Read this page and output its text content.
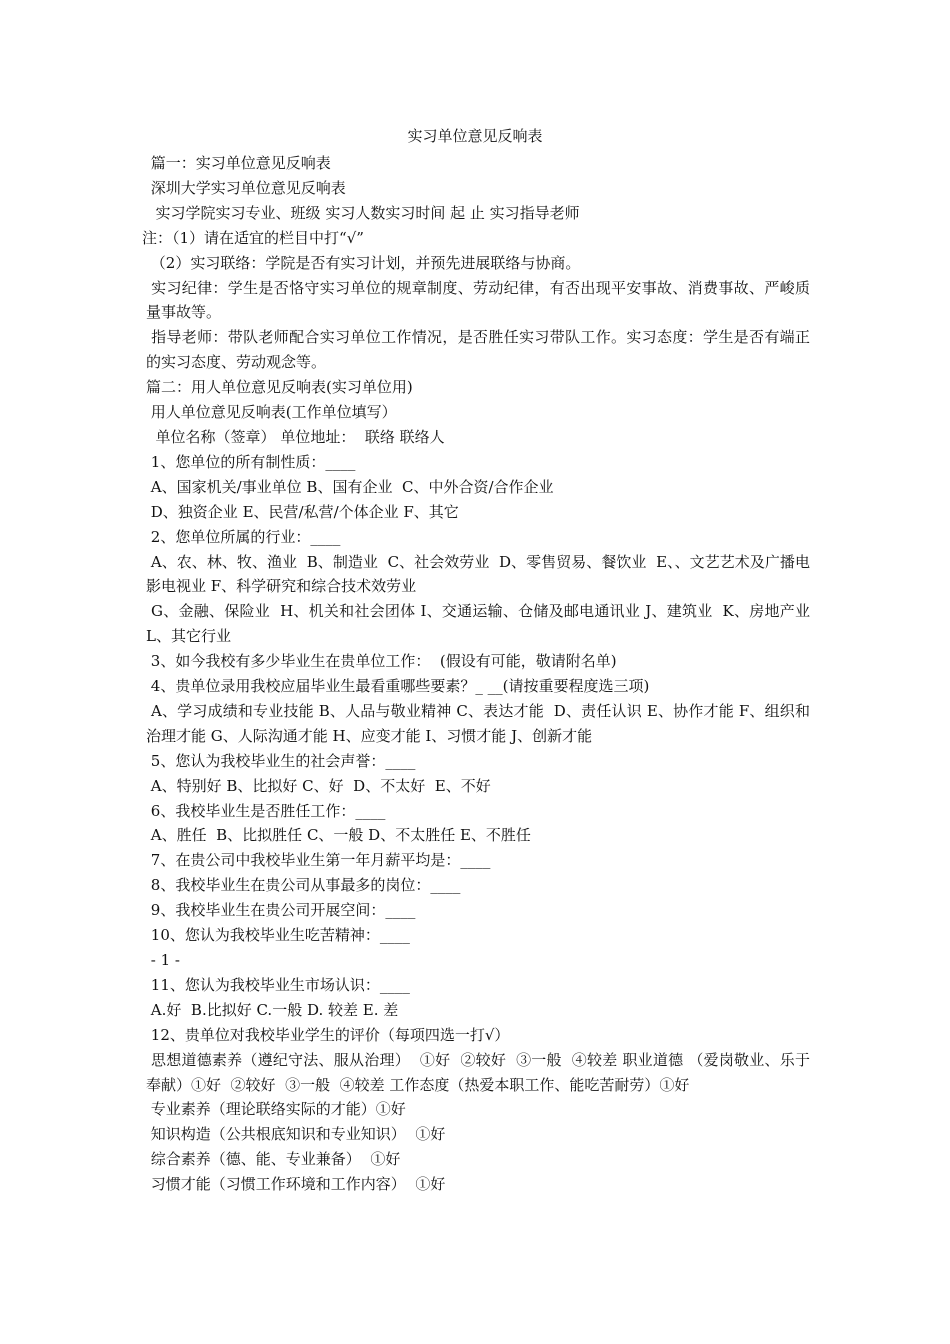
实习单位意见反响表
篇一：实习单位意见反响表
深圳大学实习单位意见反响表
实习学院实习专业、班级 实习人数实习时间 起 止 实习指导老师
注：（1）请在适宜的栏目中打“√”
（2）实习联络：学院是否有实习计划，并预先进展联络与协商。
实习纪律：学生是否恪守实习单位的规章制度、劳动纪律，有否出现平安事故、消费事故、严峻质量事故等。
指导老师：带队老师配合实习单位工作情况，是否胜任实习带队工作。实习态度：学生是否有端正的实习态度、劳动观念等。
篇二：用人单位意见反响表(实习单位用)
用人单位意见反响表(工作单位填写）
单位名称（签章） 单位地址：  联络 联络人
1、您单位的所有制性质：____
A、国家机关/事业单位 B、国有企业  C、中外合资/合作企业
D、独资企业 E、民营/私营/个体企业 F、其它
2、您单位所属的行业：____
A、农、林、牧、渔业  B、制造业  C、社会效劳业  D、零售贸易、餐饮业  E、、文艺艺术及广播电影电视业 F、科学研究和综合技术效劳业
G、金融、保险业  H、机关和社会团体 I、交通运输、仓储及邮电通讯业 J、建筑业  K、房地产业 L、其它行业
3、如今我校有多少毕业生在贵单位工作：  (假设有可能，敬请附名单)
4、贵单位录用我校应届毕业生最看重哪些要素？_ __(请按重要程度选三项)
A、学习成绩和专业技能 B、人品与敬业精神 C、表达才能  D、责任认识 E、协作才能 F、组织和治理才能 G、人际沟通才能 H、应变才能 I、习惯才能 J、创新才能
5、您认为我校毕业生的社会声誉：____
A、特别好 B、比拟好 C、好  D、不太好  E、不好
6、我校毕业生是否胜任工作：____
A、胜任  B、比拟胜任 C、一般 D、不太胜任 E、不胜任
7、在贵公司中我校毕业生第一年月薪平均是：____
8、我校毕业生在贵公司从事最多的岗位：____
9、我校毕业生在贵公司开展空间：____
10、您认为我校毕业生吃苦精神：____
- 1 -
11、您认为我校毕业生市场认识：____
A.好  B.比拟好 C.一般 D. 较差 E. 差
12、贵单位对我校毕业学生的评价（每项四选一打√）
思想道德素养（遵纪守法、服从治理）  ①好  ②较好  ③一般  ④较差 职业道德 （爱岗敬业、乐于奉献）①好  ②较好  ③一般  ④较差 工作态度（热爱本职工作、能吃苦耐劳）①好
专业素养（理论联络实际的才能）①好
知识构造（公共根底知识和专业知识）  ①好
综合素养（德、能、专业兼备）  ①好
习惯才能（习惯工作环境和工作内容）  ①好
